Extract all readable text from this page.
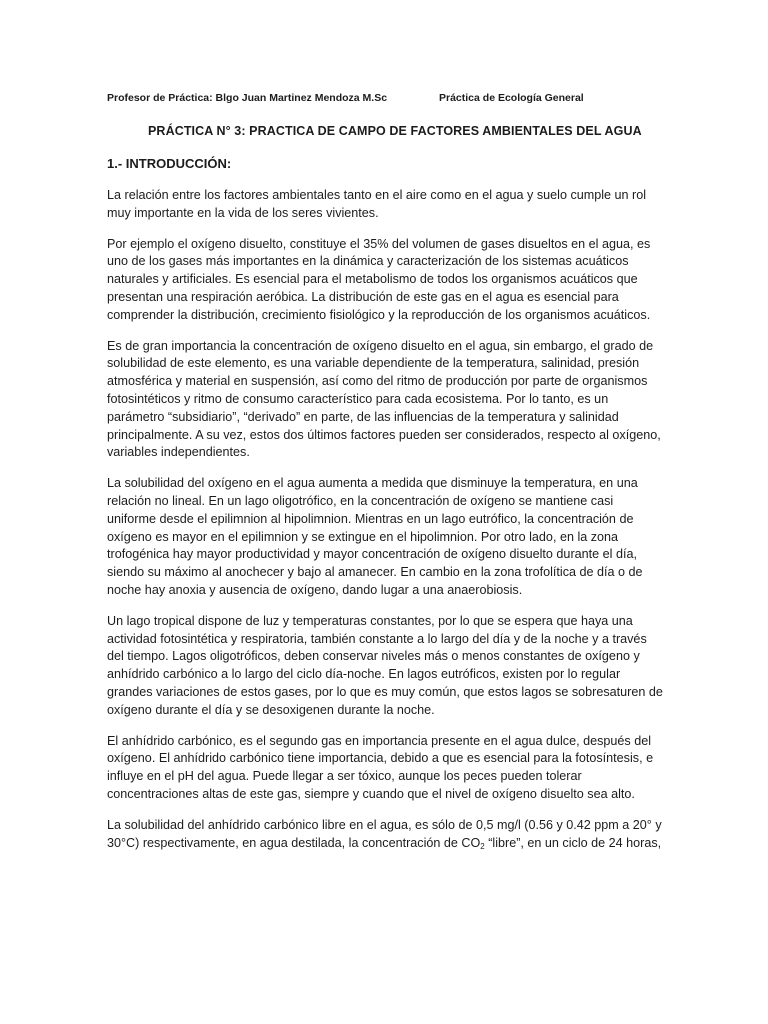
Profesor de Práctica: Blgo Juan Martinez Mendoza M.Sc	Práctica de Ecología General
PRÁCTICA N° 3: PRACTICA DE CAMPO DE FACTORES AMBIENTALES DEL AGUA
1.- INTRODUCCIÓN:

La relación entre los factores ambientales tanto en el aire como en el agua y suelo cumple un rol muy importante en la vida de los seres vivientes.

Por ejemplo el oxígeno disuelto, constituye el 35% del volumen de gases disueltos en el agua, es uno de los gases más importantes en la dinámica y caracterización de los sistemas acuáticos naturales y artificiales. Es esencial para el metabolismo de todos los organismos acuáticos que presentan una respiración aeróbica. La distribución de este gas en el agua es esencial para comprender la distribución, crecimiento fisiológico y la reproducción de los organismos acuáticos.

Es de gran importancia la concentración de oxígeno disuelto en el agua, sin embargo, el grado de solubilidad de este elemento, es una variable dependiente de la temperatura, salinidad, presión atmosférica y material en suspensión, así como del ritmo de producción por parte de organismos fotosintéticos y ritmo de consumo característico para cada ecosistema. Por lo tanto, es un parámetro “subsidiario”, “derivado” en parte, de las influencias de la temperatura y salinidad principalmente. A su vez, estos dos últimos factores pueden ser considerados, respecto al oxígeno, variables independientes.

La solubilidad del oxígeno en el agua aumenta a medida que disminuye la temperatura, en una relación no lineal. En un lago oligotrófico, en la concentración de oxígeno se mantiene casi uniforme desde el epilimnion al hipolimnion. Mientras en un lago eutrófico, la concentración de oxígeno es mayor en el epilimnion y se extingue en el hipolimnion. Por otro lado, en la zona trofogénica hay mayor productividad y mayor concentración de oxígeno disuelto durante el día, siendo su máximo al anochecer y bajo al amanecer. En cambio en la zona trofolítica de día o de noche hay anoxia y ausencia de oxígeno, dando lugar a una anaerobiosis.

Un lago tropical dispone de luz y temperaturas constantes, por lo que se espera que haya una actividad fotosintética y respiratoria, también constante a lo largo del día y de la noche y a través del tiempo. Lagos oligotróficos, deben conservar niveles más o menos constantes de oxígeno y anhídrido carbónico a lo largo del ciclo día-noche. En lagos eutróficos, existen por lo regular grandes variaciones de estos gases, por lo que es muy común, que estos lagos se sobresaturen de oxígeno durante el día y se desoxigenen durante la noche.

El anhídrido carbónico, es el segundo gas en importancia presente en el agua dulce, después del oxígeno. El anhídrido carbónico tiene importancia, debido a que es esencial para la fotosíntesis, e influye en el pH del agua. Puede llegar a ser tóxico, aunque los peces pueden tolerar concentraciones altas de este gas, siempre y cuando que el nivel de oxígeno disuelto sea alto.

La solubilidad del anhídrido carbónico libre en el agua, es sólo de 0,5 mg/l (0.56 y 0.42 ppm a 20° y 30°C) respectivamente, en agua destilada, la concentración de $CO_2$ “libre”, en un ciclo de 24 horas,
